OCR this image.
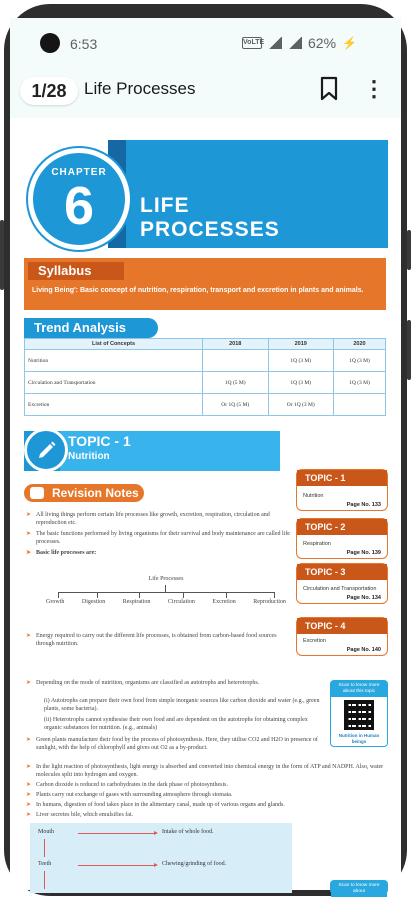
6:53	VoLTE	62% ⚡
1/28	Life Processes	⋮
CHAPTER
6	LIFE
PROCESSES
Syllabus
Living Being': Basic concept of nutrition, respiration, transport and excretion in plants and animals.
Trend Analysis
List of Concepts	2018	2019	2020
Nutrition		1Q (3 M)	1Q (3 M)
Circulation and Transportation	1Q (5 M)	1Q (3 M)	1Q (3 M)
Excretion	Or 1Q (5 M)	Or 1Q (3 M)	
TOPIC - 1
Nutrition
Revision Notes
➤ All living things perform certain life processes like growth, excretion, respiration, circulation and reproduction etc.
➤ The basic functions performed by living organisms for their survival and body maintenance are called life processes.
➤ Basic life processes are:
Life Processes
Growth	Digestion	Respiration	Circulation	Excretion	Reproduction
➤ Energy required to carry out the different life processes, is obtained from carbon-based food sources through nutrition.
TOPIC - 1
Nutrition
Page No. 133
TOPIC - 2
Respiration
Page No. 139
TOPIC - 3
Circulation and Transportation
Page No. 134
TOPIC - 4
Excretion
Page No. 140
➤ Depending on the mode of nutrition, organisms are classified as autotrophs and heterotrophs.
(i) Autotrophs can prepare their own food from simple inorganic sources like carbon dioxide and water (e.g., green plants, some bacteria).
(ii) Heterotrophs cannot synthesise their own food and are dependent on the autotrophs for obtaining complex organic substances for nutrition. (e.g., animals)
➤ Green plants manufacture their food by the process of photosynthesis. Here, they utilise CO2 and H2O in presence of sunlight, with the help of chlorophyll and gives out O2 as a by-product.
➤ In the light reaction of photosynthesis, light energy is absorbed and converted into chemical energy in the form of ATP and NADPH. Also, water molecules split into hydrogen and oxygen.
➤ Carbon dioxide is reduced to carbohydrates in the dark phase of photosynthesis.
➤ Plants carry out exchange of gases with surrounding atmosphere through stomata.
➤ In humans, digestion of food takes place in the alimentary canal, made up of various organs and glands.
➤ Liver secretes bile, which emulsifies fat.
Scan to know more about this topic
Nutrition in Human beings
Scan to know more about
Mouth	Intake of whole food.
Teeth	Chewing/grinding of food.
